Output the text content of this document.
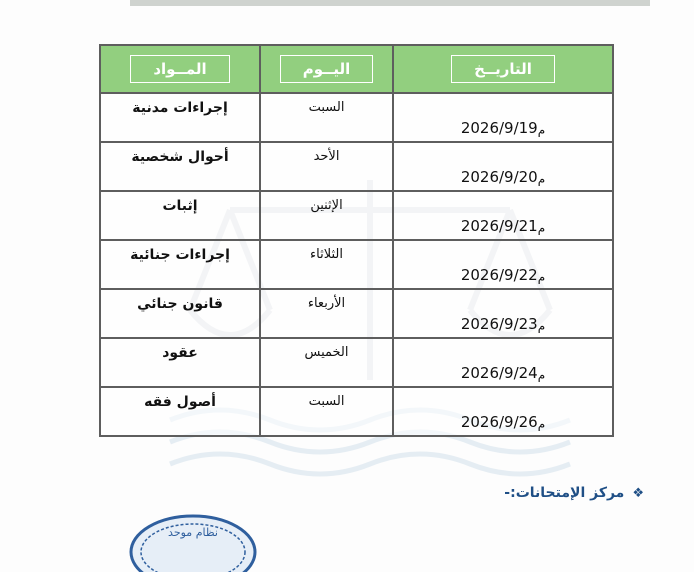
المــواد	اليــوم	التاريــخ

إجراءات مدنية	السبت	2026/9/19 م

أحوال شخصية	الأحد	2026/9/20 م

إثبات	الإثنين	2026/9/21 م

إجراءات جنائية	الثلاثاء	2026/9/22 م

قانون جنائي	الأربعاء	2026/9/23 م

عقود	الخميس	2026/9/24 م

أصول فقه	السبت	2026/9/26 م
❖
مركز الإمتحانات:-
نظام موحد
